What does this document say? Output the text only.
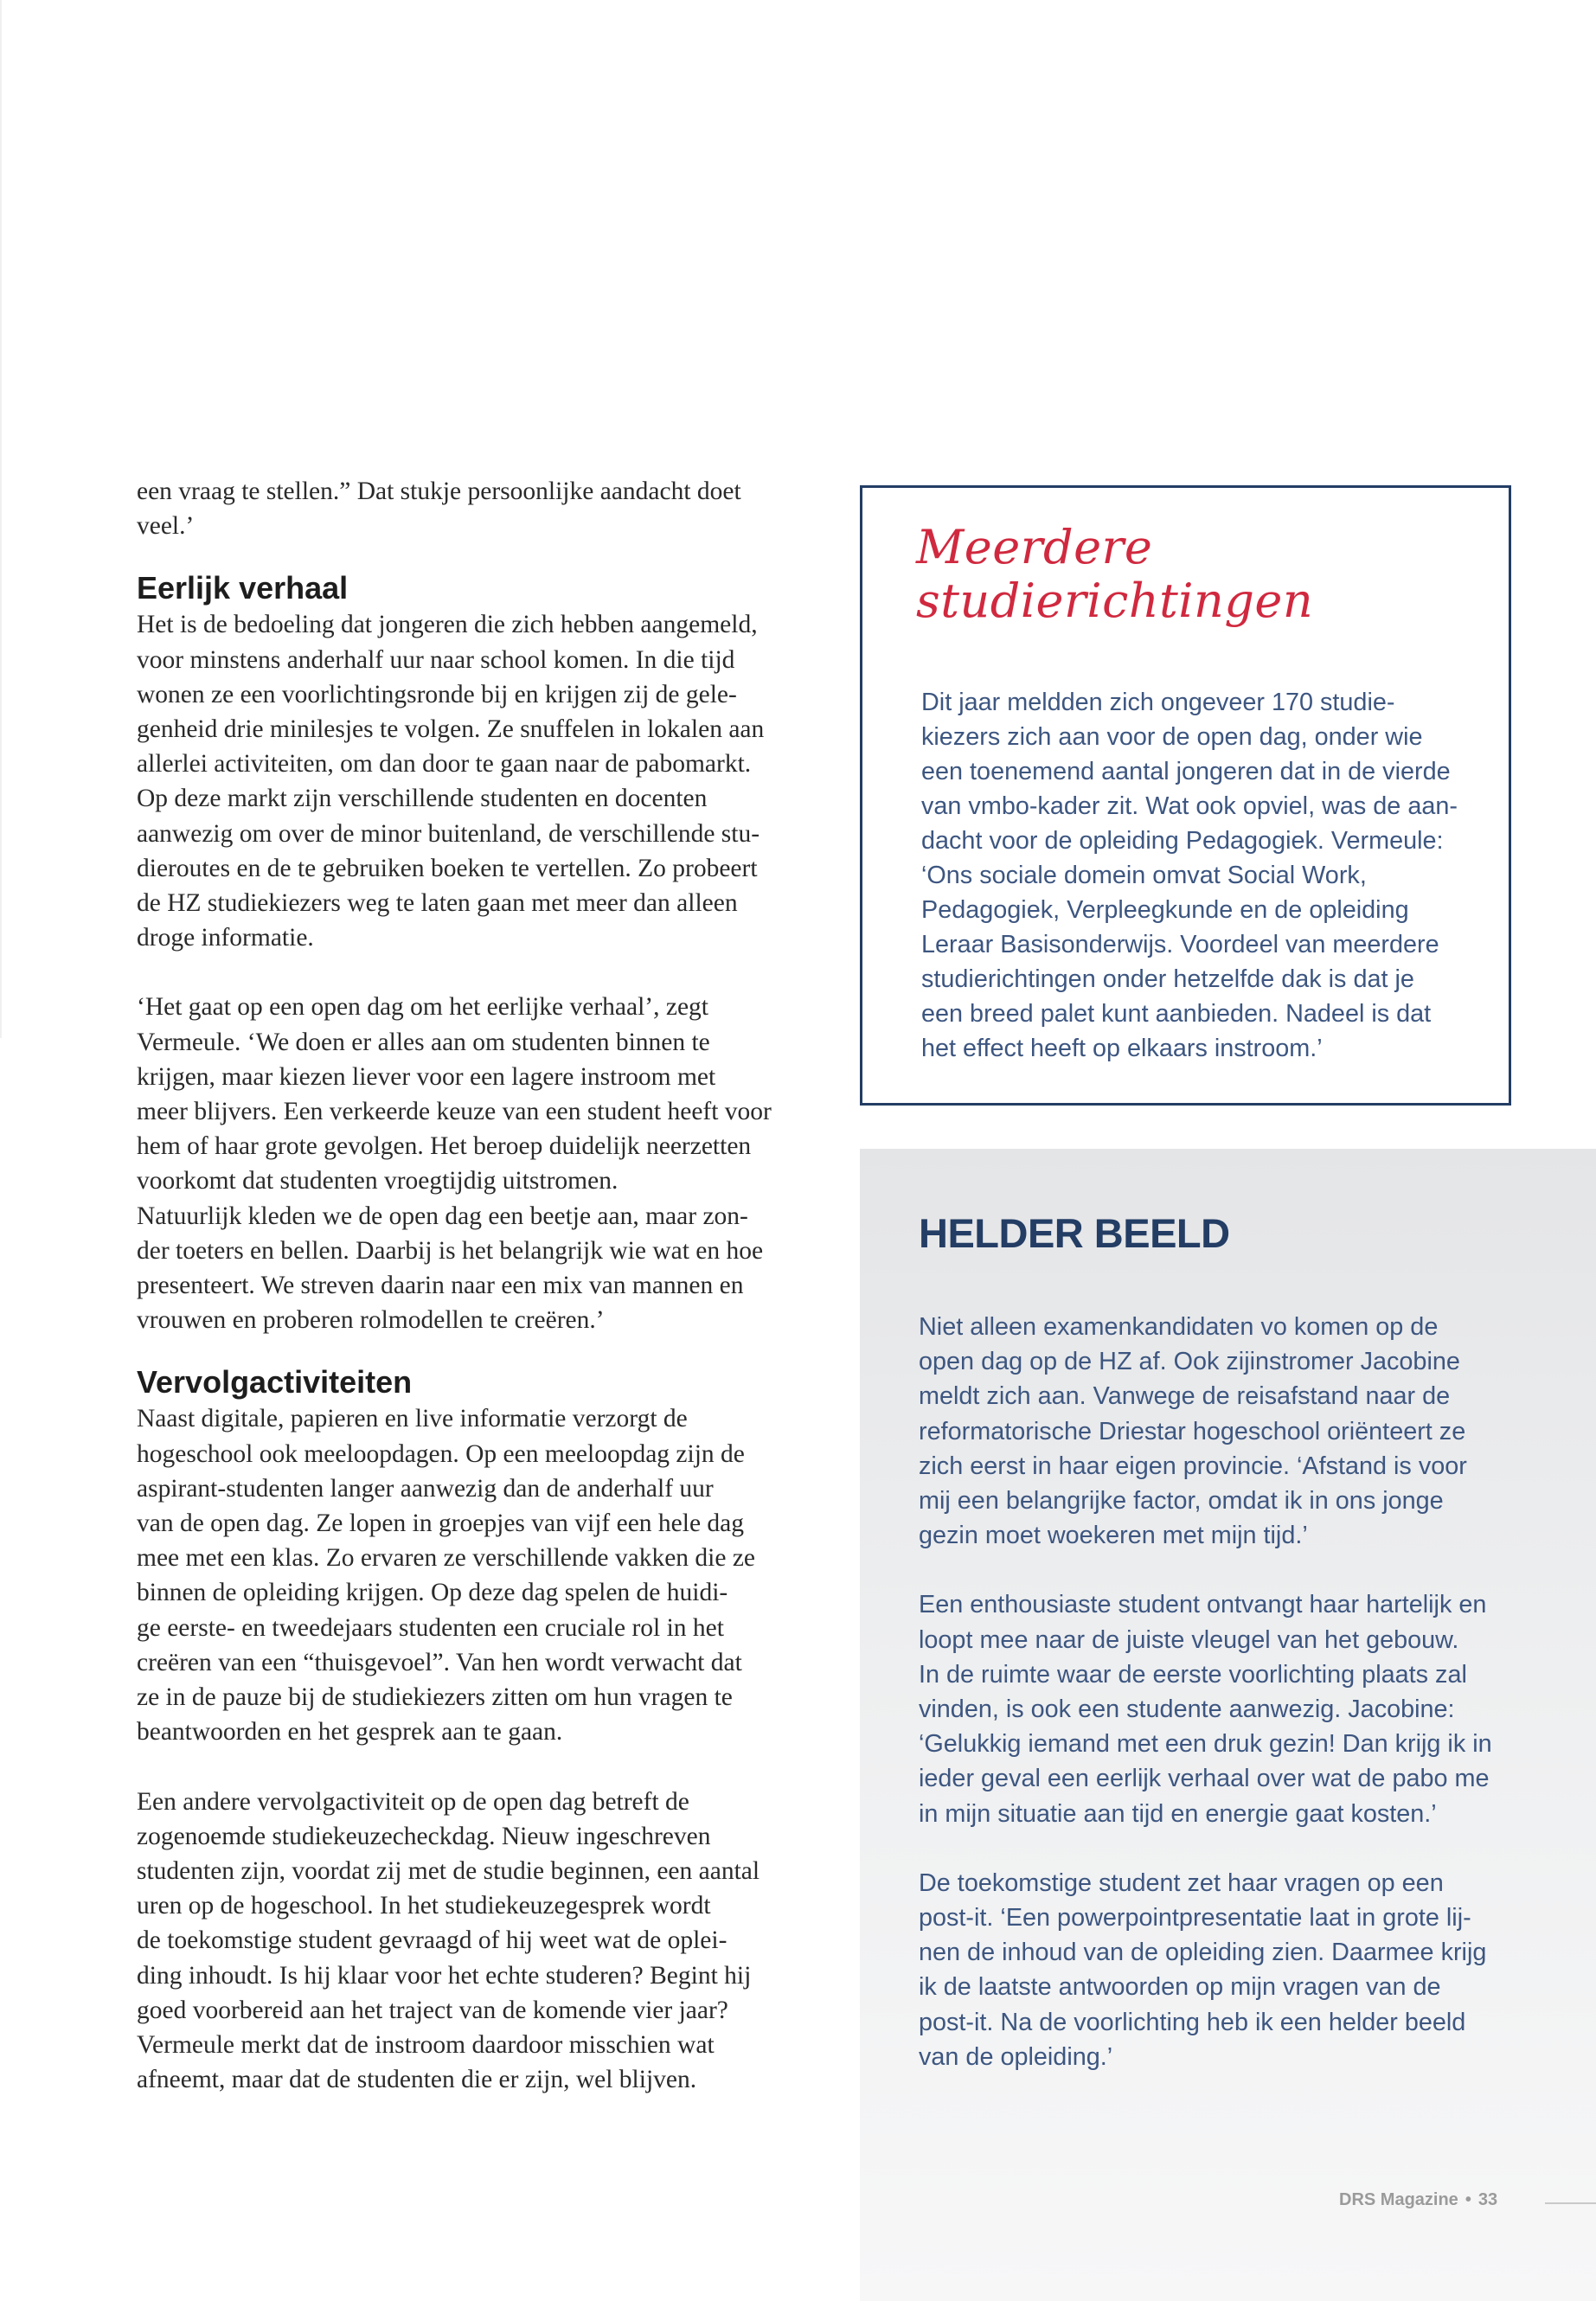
een vraag te stellen.” Dat stukje persoonlijke aandacht doet
veel.’
Eerlijk verhaal
Het is de bedoeling dat jongeren die zich hebben aangemeld,
voor minstens anderhalf uur naar school komen. In die tijd
wonen ze een voorlichtingsronde bij en krijgen zij de gele-
genheid drie minilesjes te volgen. Ze snuffelen in lokalen aan
allerlei activiteiten, om dan door te gaan naar de pabomarkt.
Op deze markt zijn verschillende studenten en docenten
aanwezig om over de minor buitenland, de verschillende stu-
dieroutes en de te gebruiken boeken te vertellen. Zo probeert
de HZ studiekiezers weg te laten gaan met meer dan alleen
droge informatie.
‘Het gaat op een open dag om het eerlijke verhaal’, zegt
Vermeule. ‘We doen er alles aan om studenten binnen te
krijgen, maar kiezen liever voor een lagere instroom met
meer blijvers. Een verkeerde keuze van een student heeft voor
hem of haar grote gevolgen. Het beroep duidelijk neerzetten
voorkomt dat studenten vroegtijdig uitstromen.
Natuurlijk kleden we de open dag een beetje aan, maar zon-
der toeters en bellen. Daarbij is het belangrijk wie wat en hoe
presenteert. We streven daarin naar een mix van mannen en
vrouwen en proberen rolmodellen te creëren.’
Vervolgactiviteiten
Naast digitale, papieren en live informatie verzorgt de
hogeschool ook meeloopdagen. Op een meeloopdag zijn de
aspirant-studenten langer aanwezig dan de anderhalf uur
van de open dag. Ze lopen in groepjes van vijf een hele dag
mee met een klas. Zo ervaren ze verschillende vakken die ze
binnen de opleiding krijgen. Op deze dag spelen de huidi-
ge eerste- en tweedejaars studenten een cruciale rol in het
creëren van een “thuisgevoel”. Van hen wordt verwacht dat
ze in de pauze bij de studiekiezers zitten om hun vragen te
beantwoorden en het gesprek aan te gaan.
Een andere vervolgactiviteit op de open dag betreft de
zogenoemde studiekeuzecheckdag. Nieuw ingeschreven
studenten zijn, voordat zij met de studie beginnen, een aantal
uren op de hogeschool. In het studiekeuzegesprek wordt
de toekomstige student gevraagd of hij weet wat de oplei-
ding inhoudt. Is hij klaar voor het echte studeren? Begint hij
goed voorbereid aan het traject van de komende vier jaar?
Vermeule merkt dat de instroom daardoor misschien wat
afneemt, maar dat de studenten die er zijn, wel blijven.
Meerdere
studierichtingen
Dit jaar meldden zich ongeveer 170 studie-
kiezers zich aan voor de open dag, onder wie
een toenemend aantal jongeren dat in de vierde
van vmbo-kader zit. Wat ook opviel, was de aan-
dacht voor de opleiding Pedagogiek. Vermeule:
‘Ons sociale domein omvat Social Work,
Pedagogiek, Verpleegkunde en de opleiding
Leraar Basisonderwijs. Voordeel van meerdere
studierichtingen onder hetzelfde dak is dat je
een breed palet kunt aanbieden. Nadeel is dat
het effect heeft op elkaars instroom.’
HELDER BEELD
Niet alleen examenkandidaten vo komen op de
open dag op de HZ af. Ook zijinstromer Jacobine
meldt zich aan. Vanwege de reisafstand naar de
reformatorische Driestar hogeschool oriënteert ze
zich eerst in haar eigen provincie. ‘Afstand is voor
mij een belangrijke factor, omdat ik in ons jonge
gezin moet woekeren met mijn tijd.’
Een enthousiaste student ontvangt haar hartelijk en
loopt mee naar de juiste vleugel van het gebouw.
In de ruimte waar de eerste voorlichting plaats zal
vinden, is ook een studente aanwezig. Jacobine:
‘Gelukkig iemand met een druk gezin! Dan krijg ik in
ieder geval een eerlijk verhaal over wat de pabo me
in mijn situatie aan tijd en energie gaat kosten.’
De toekomstige student zet haar vragen op een
post-it. ‘Een powerpointpresentatie laat in grote lij-
nen de inhoud van de opleiding zien. Daarmee krijg
ik de laatste antwoorden op mijn vragen van de
post-it. Na de voorlichting heb ik een helder beeld
van de opleiding.’
DRS Magazine • 33
